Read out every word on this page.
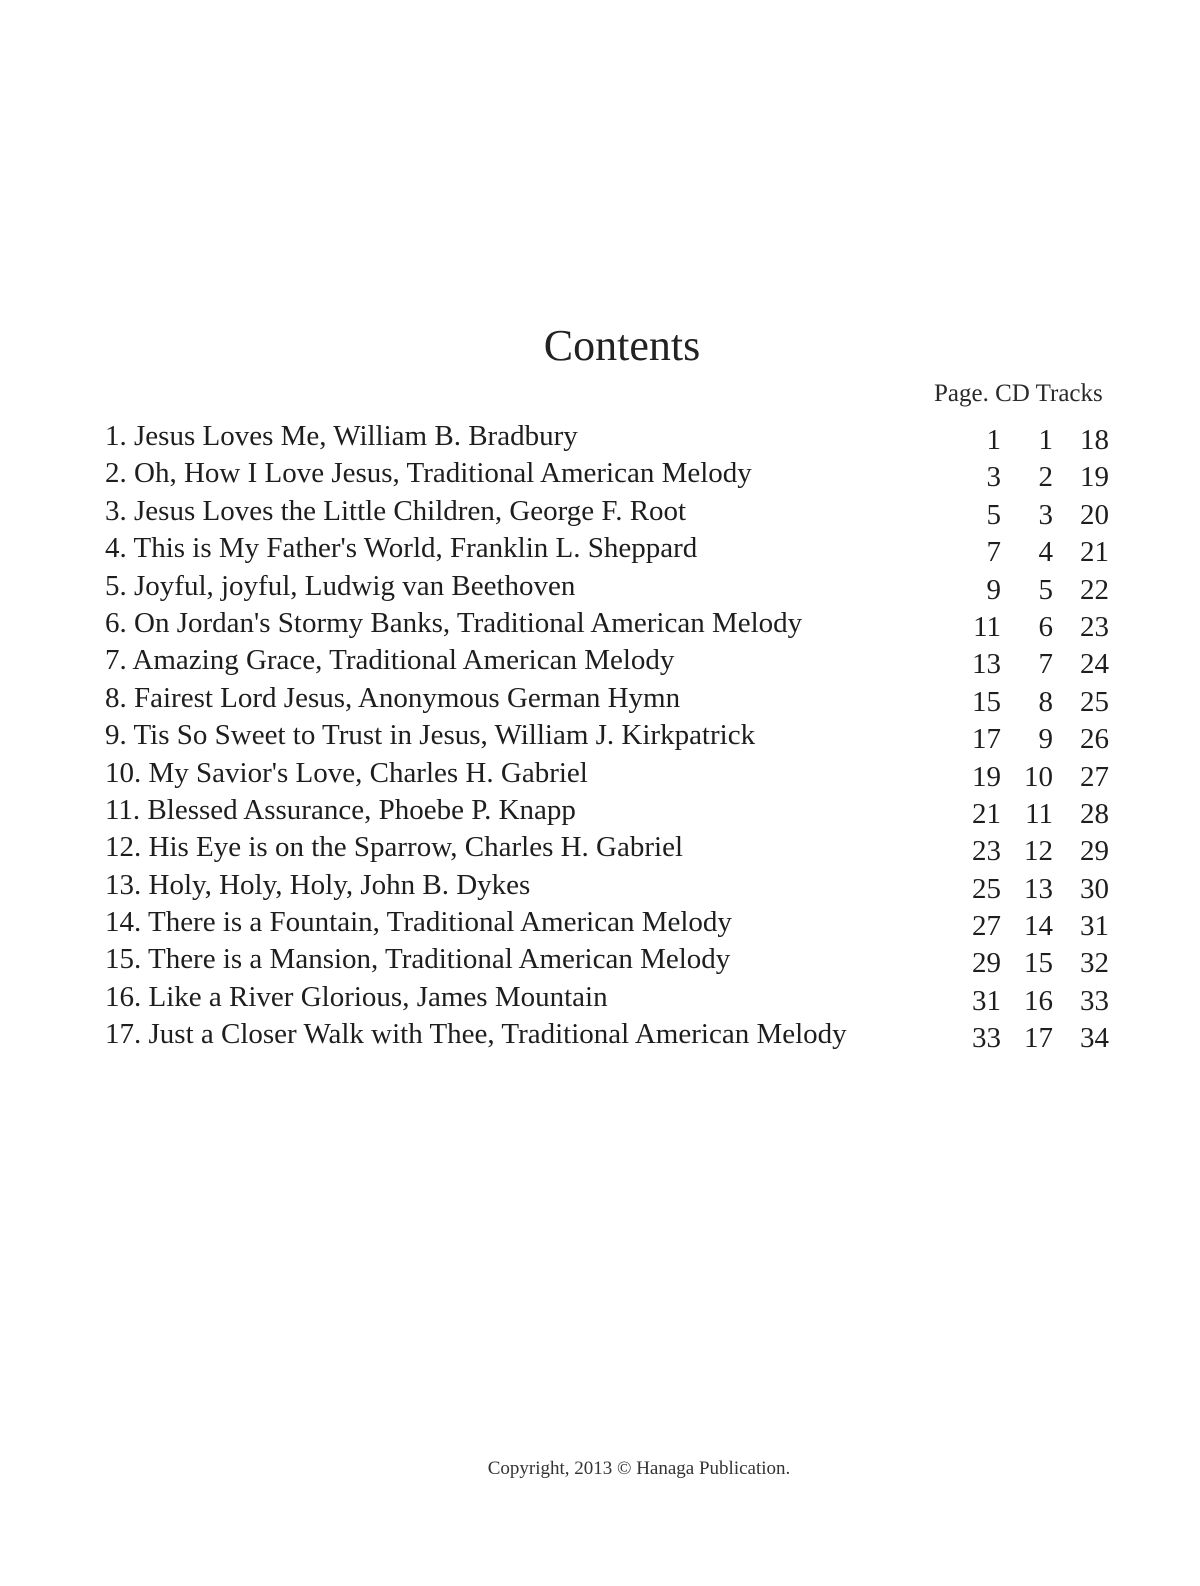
Contents
Page. CD Tracks
1. Jesus Loves Me, William B. Bradbury . . .	1	1 18
2. Oh, How I Love Jesus, Traditional American Melody . . .	3	2 19
3. Jesus Loves the Little Children, George F. Root . . .	5	3 20
4. This is My Father's World, Franklin L. Sheppard . . .	7	4 21
5. Joyful, joyful, Ludwig van Beethoven . . .	9	5 22
6. On Jordan's Stormy Banks, Traditional American Melody . . .	11	6 23
7. Amazing Grace, Traditional American Melody . . .	13	7 24
8. Fairest Lord Jesus, Anonymous German Hymn . . .	15	8 25
9. Tis So Sweet to Trust in Jesus, William J. Kirkpatrick . . .	17	9 26
10. My Savior's Love, Charles H. Gabriel . . .	19 10 27
11. Blessed Assurance, Phoebe P. Knapp . . .	21 11 28
12. His Eye is on the Sparrow, Charles H. Gabriel . . .	23 12 29
13. Holy, Holy, Holy, John B. Dykes . . .	25 13 30
14. There is a Fountain, Traditional American Melody . . .	27 14 31
15. There is a Mansion, Traditional American Melody . . .	29 15 32
16. Like a River Glorious, James Mountain . . .	31 16 33
17. Just a Closer Walk with Thee, Traditional American Melody . . .	33 17 34
Copyright, 2013 © Hanaga Publication.
